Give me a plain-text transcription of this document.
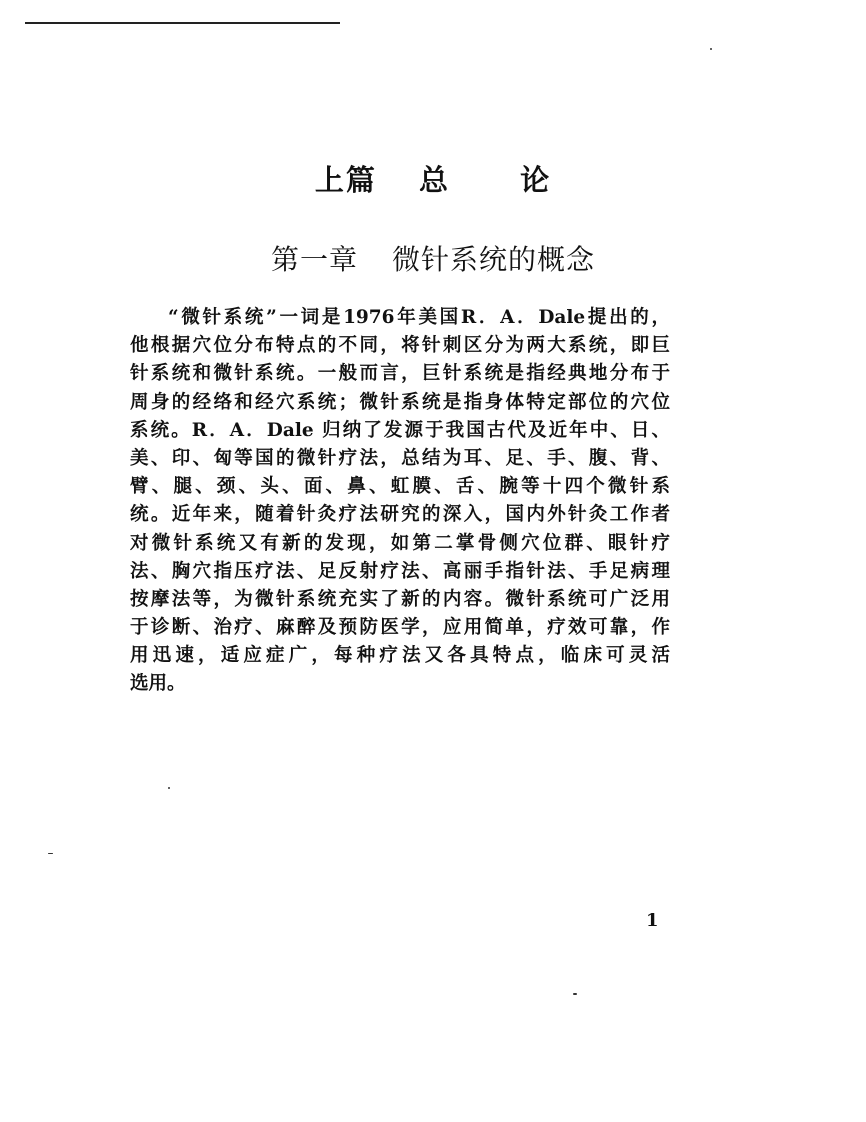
上篇 总 论
第一章 微针系统的概念
“微针系统”一词是1976年美国R．A．Dale提出的，
他根据穴位分布特点的不同，将针刺区分为两大系统，即巨
针系统和微针系统。一般而言，巨针系统是指经典地分布于
周身的经络和经穴系统；微针系统是指身体特定部位的穴位
系统。R．A．Dale 归纳了发源于我国古代及近年中、日、
美、印、匈等国的微针疗法，总结为耳、足、手、腹、背、
臂、腿、颈、头、面、鼻、虹膜、舌、腕等十四个微针系
统。近年来，随着针灸疗法研究的深入，国内外针灸工作者
对微针系统又有新的发现，如第二掌骨侧穴位群、眼针疗
法、胸穴指压疗法、足反射疗法、高丽手指针法、手足病理
按摩法等，为微针系统充实了新的内容。微针系统可广泛用
于诊断、治疗、麻醉及预防医学，应用简单，疗效可靠，作
用迅速，适应症广，每种疗法又各具特点，临床可灵活
选用。
1
